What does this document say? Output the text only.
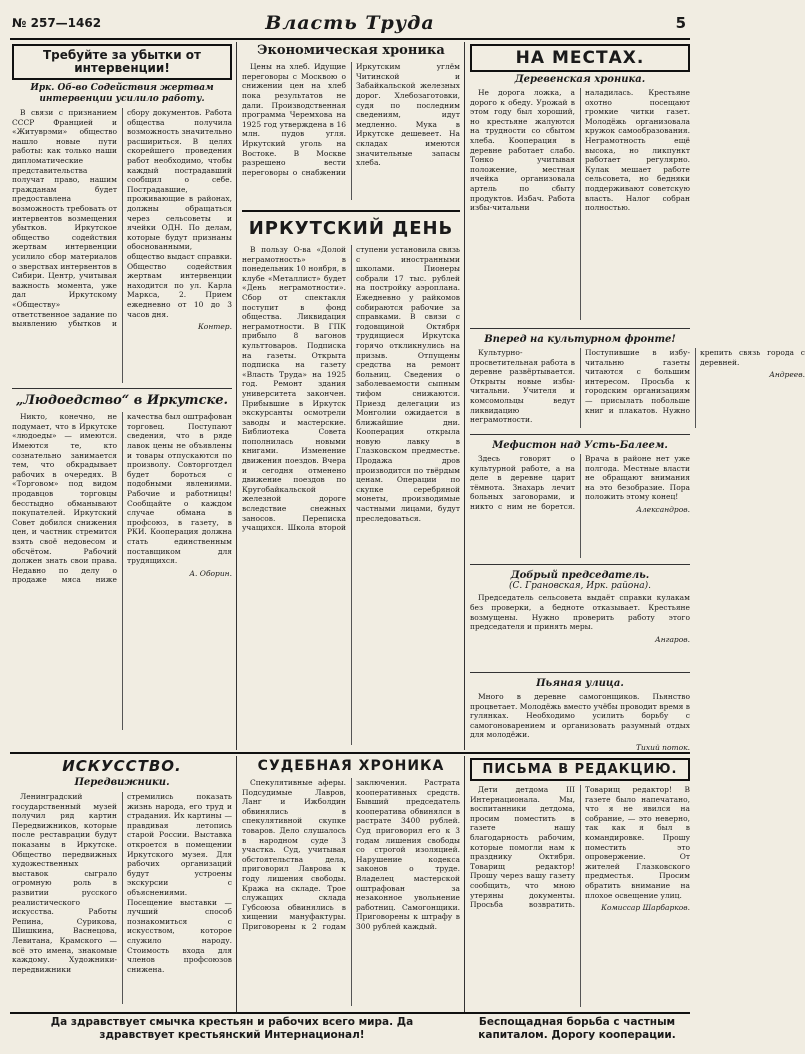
№ 257—1462	Власть Труда	5
Требуйте за убытки от интервенции!
Ирк. Об-во Содействия жертвам интервенции усилило работу.

В связи с признанием СССР Францией и «Житуврэми» общество нашло новые пути работы: как только наши дипломатические представительства получат право, нашим гражданам будет предоставлена возможность требовать от интервентов возмещения убытков. Иркутское общество содействия жертвам интервенции усилило сбор материалов о зверствах интервентов в Сибири. Центр, учитывая важность момента, уже дал Иркутскому «Обществу» ответственное задание по выявлению убытков и сбору документов. Работа общества получила возможность значительно расшириться. В целях скорейшего проведения работ необходимо, чтобы каждый пострадавший сообщил о себе. Пострадавшие, проживающие в районах, должны обращаться через сельсоветы и ячейки ОДН. По делам, которые будут признаны обоснованными, общество выдаст справки. Общество содействия жертвам интервенции находится по ул. Карла Маркса, 2. Прием ежедневно от 10 до 3 часов дня.

Контер.
„Людоедство“ в Иркутске.

Никто, конечно, не подумает, что в Иркутске «людоеды» — имеются. Имеются те, кто сознательно занимается тем, что обкрадывает рабочих в очередях. В «Торговом» под видом продавцов торговцы бесстыдно обманывают покупателей. Иркутский Совет добился снижения цен, и частник стремится взять своё недовесом и обсчётом. Рабочий должен знать свои права. Недавно по делу о продаже мяса ниже качества был оштрафован торговец. Поступают сведения, что в ряде лавок цены не объявлены и товары отпускаются по произволу. Совторготдел будет бороться с подобными явлениями. Рабочие и работницы! Сообщайте о каждом случае обмана в профсоюз, в газету, в РКИ. Кооперация должна стать единственным поставщиком для трудящихся.

А. Оборин.
Экономическая хроника

Цены на хлеб. Идущие переговоры с Москвою о снижении цен на хлеб пока результатов не дали. Производственная программа Черемхова на 1925 год утверждена в 16 млн. пудов угля. Иркутский уголь на Востоке. В Москве разрешено вести переговоры о снабжении Иркутским углём Читинской и Забайкальской железных дорог. Хлебозаготовки, судя по последним сведениям, идут медленно. Мука в Иркутске дешевеет. На складах имеются значительные запасы хлеба.

ИРКУТСКИЙ ДЕНЬ

В пользу О-ва «Долой неграмотность» в понедельник 10 ноября, в клубе «Металлист» будет «День неграмотности». Сбор от спектакля поступит в фонд общества. Ликвидация неграмотности. В ГПК прибыло 8 вагонов культтоваров. Подписка на газеты. Открыта подписка на газету «Власть Труда» на 1925 год. Ремонт здания университета закончен. Прибывшие в Иркутск экскурсанты осмотрели заводы и мастерские. Библиотека Совета пополнилась новыми книгами. Изменение движения поездов. Вчера и сегодня отменено движение поездов по Кругобайкальской железной дороге вследствие снежных заносов. Переписка учащихся. Школа второй ступени установила связь с иностранными школами. Пионеры собрали 17 тыс. рублей на постройку аэроплана. Ежедневно у райкомов собираются рабочие за справками. В связи с годовщиной Октября трудящиеся Иркутска горячо откликнулись на призыв. Отпущены средства на ремонт больниц. Сведения о заболеваемости сыпным тифом снижаются. Приезд делегации из Монголии ожидается в ближайшие дни. Кооперация открыла новую лавку в Глазковском предместье. Продажа дров производится по твёрдым ценам. Операции по скупке серебряной монеты, производимые частными лицами, будут преследоваться.

НА МЕСТАХ.
Деревенская хроника.

Не дорога ложка, а дорого к обеду. Урожай в этом году был хороший, но крестьяне жалуются на трудности со сбытом хлеба. Кооперация в деревне работает слабо. Тонко учитывая положение, местная ячейка организовала артель по сбыту продуктов. Избач. Работа избы-читальни наладилась. Крестьяне охотно посещают громкие читки газет. Молодёжь организовала кружок самообразования. Неграмотность ещё высока, но ликпункт работает регулярно. Кулак мешает работе сельсовета, но бедняки поддерживают советскую власть. Налог собран полностью.

Вперед на культурном фронте!

Культурно-просветительная работа в деревне развёртывается. Открыты новые избы-читальни. Учителя и комсомольцы ведут ликвидацию неграмотности. Поступившие в избу-читальню газеты читаются с большим интересом. Просьба к городским организациям — присылать побольше книг и плакатов. Нужно крепить связь города с деревней.

Андреев.
Мефистон над Усть-Балеем.

Здесь говорят о культурной работе, а на деле в деревне царит тёмнота. Знахарь лечит больных заговорами, и никто с ним не борется. Врача в районе нет уже полгода. Местные власти не обращают внимания на это безобразие. Пора положить этому конец!

Александров.
Добрый председатель.
(С. Грановская, Ирк. района).

Председатель сельсовета выдаёт справки кулакам без проверки, а бедноте отказывает. Крестьяне возмущены. Нужно проверить работу этого председателя и принять меры.

Ангаров.
Пьяная улица.

Много в деревне самогонщиков. Пьянство процветает. Молодёжь вместо учёбы проводит время в гулянках. Необходимо усилить борьбу с самогоноварением и организовать разумный отдых для молодёжи.

Тихий поток.
ИСКУССТВО.
Передвижники.

Ленинградский государственный музей получил ряд картин Передвижников, которые после реставрации будут показаны в Иркутске. Общество передвижных художественных выставок сыграло огромную роль в развитии русского реалистического искусства. Работы Репина, Сурикова, Шишкина, Васнецова, Левитана, Крамского — всё это имена, знакомые каждому. Художники-передвижники стремились показать жизнь народа, его труд и страдания. Их картины — правдивая летопись старой России. Выставка откроется в помещении Иркутского музея. Для рабочих организаций будут устроены экскурсии с объяснениями. Посещение выставки — лучший способ познакомиться с искусством, которое служило народу. Стоимость входа для членов профсоюзов снижена.

СУДЕБНАЯ ХРОНИКА

Спекулятивные аферы. Подсудимые Лавров, Ланг и Ижболдин обвинялись в спекулятивной скупке товаров. Дело слушалось в народном суде 3 участка. Суд, учитывая обстоятельства дела, приговорил Лаврова к году лишения свободы. Кража на складе. Трое служащих склада Губсоюза обвинялись в хищении мануфактуры. Приговорены к 2 годам заключения. Растрата кооперативных средств. Бывший председатель кооператива обвинялся в растрате 3400 рублей. Суд приговорил его к 3 годам лишения свободы со строгой изоляцией. Нарушение кодекса законов о труде. Владелец мастерской оштрафован за незаконное увольнение работниц. Самогонщики. Приговорены к штрафу в 300 рублей каждый.

ПИСЬМА В РЕДАКЦИЮ.

Дети детдома III Интернационала. Мы, воспитанники детдома, просим поместить в газете нашу благодарность рабочим, которые помогли нам к празднику Октября. Товарищ редактор! Прошу через вашу газету сообщить, что мною утеряны документы. Просьба возвратить. Товарищ редактор! В газете было напечатано, что я не явился на собрание, — это неверно, так как я был в командировке. Прошу поместить это опровержение. От жителей Глазковского предместья. Просим обратить внимание на плохое освещение улиц.

Комиссар Шарбарков.
Да здравствует смычка крестьян и рабочих всего мира. Да здравствует крестьянский Интернационал!
Беспощадная борьба с частным капиталом. Дорогу кооперации.
